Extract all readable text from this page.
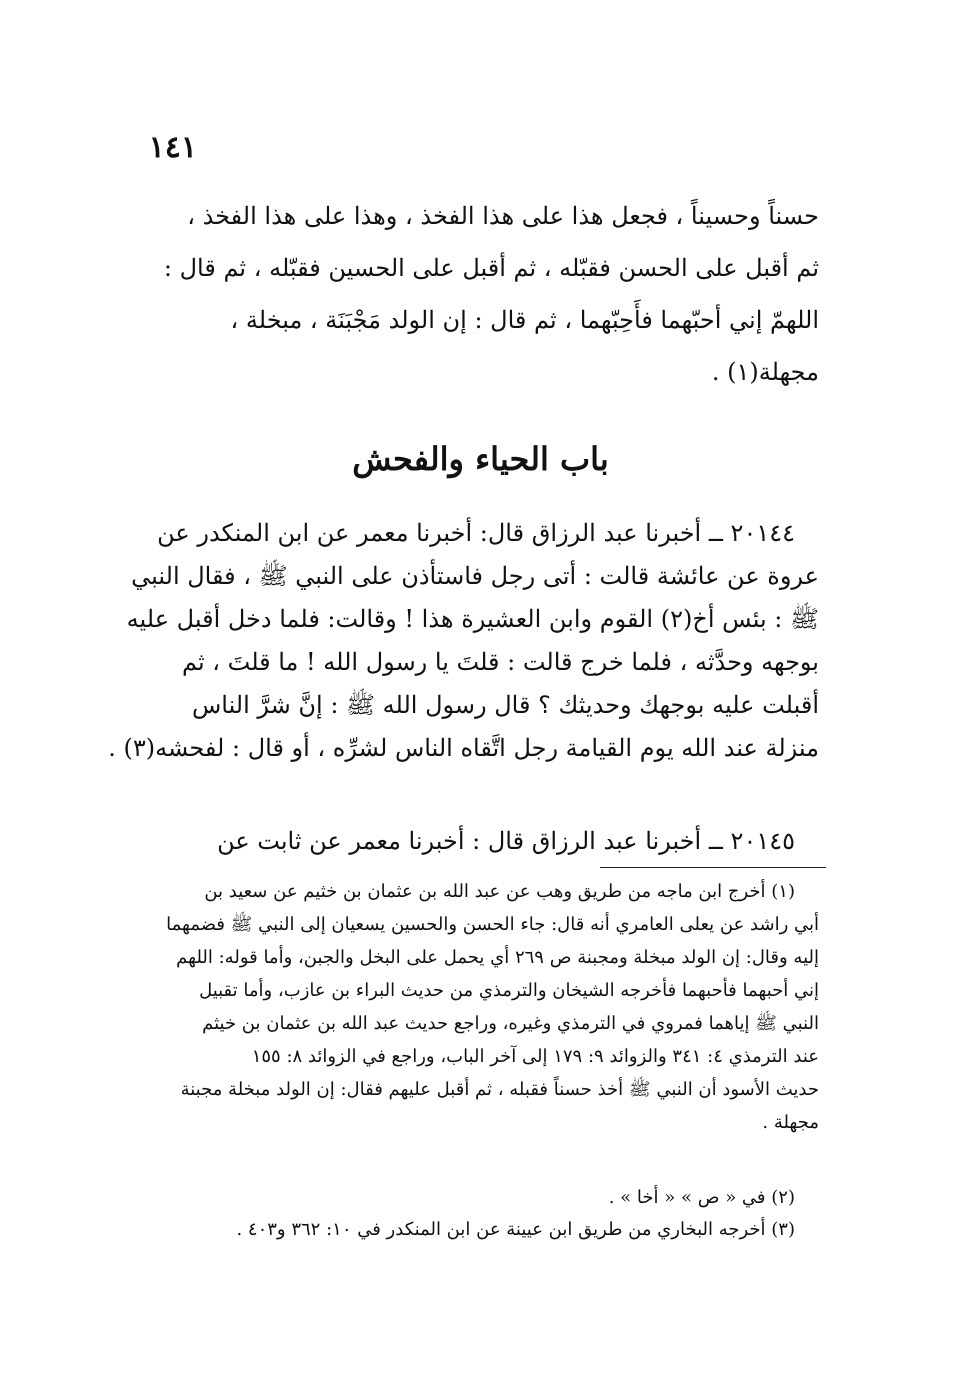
١٤١
حسناً وحسيناً ، فجعل هذا على هذا الفخذ ، وهذا على هذا الفخذ ،
ثم أقبل على الحسن فقبّله ، ثم أقبل على الحسين فقبّله ، ثم قال :
اللهمّ إني أحبّهما فأَحِبّهما ، ثم قال : إن الولد مَجْبَنَة ، مبخلة ،
مجهلة(١) .
باب الحياء والفحش
٢٠١٤٤ ــ أخبرنا عبد الرزاق قال: أخبرنا معمر عن ابن المنكدر عن
عروة عن عائشة قالت : أتى رجل فاستأذن على النبي ﷺ ، فقال النبي
ﷺ : بئس أخ(٢) القوم وابن العشيرة هذا ! وقالت: فلما دخل أقبل عليه
بوجهه وحدَّثه ، فلما خرج قالت : قلتَ يا رسول الله ! ما قلتَ ، ثم
أقبلت عليه بوجهك وحديثك ؟ قال رسول الله ﷺ : إنَّ شرَّ الناس
منزلة عند الله يوم القيامة رجل اتَّقاه الناس لشرِّه ، أو قال : لفحشه(٣) .
٢٠١٤٥ ــ أخبرنا عبد الرزاق قال : أخبرنا معمر عن ثابت عن
(١) أخرج ابن ماجه من طريق وهب عن عبد الله بن عثمان بن خثيم عن سعيد بن
أبي راشد عن يعلى العامري أنه قال: جاء الحسن والحسين يسعيان إلى النبي ﷺ فضمهما
إليه وقال: إن الولد مبخلة ومجبنة ص ٢٦٩ أي يحمل على البخل والجبن، وأما قوله: اللهم
إني أحبهما فأحبهما فأخرجه الشيخان والترمذي من حديث البراء بن عازب، وأما تقبيل
النبي ﷺ إياهما فمروي في الترمذي وغيره، وراجع حديث عبد الله بن عثمان بن خيثم
عند الترمذي ٤: ٣٤١ والزوائد ٩: ١٧٩ إلى آخر الباب، وراجع في الزوائد ٨: ١٥٥
حديث الأسود أن النبي ﷺ أخذ حسناً فقبله ، ثم أقبل عليهم فقال: إن الولد مبخلة مجبنة
مجهلة .
(٢) في « ص » « أخا » .
(٣) أخرجه البخاري من طريق ابن عيينة عن ابن المنكدر في ١٠: ٣٦٢ و٤٠٣ .
